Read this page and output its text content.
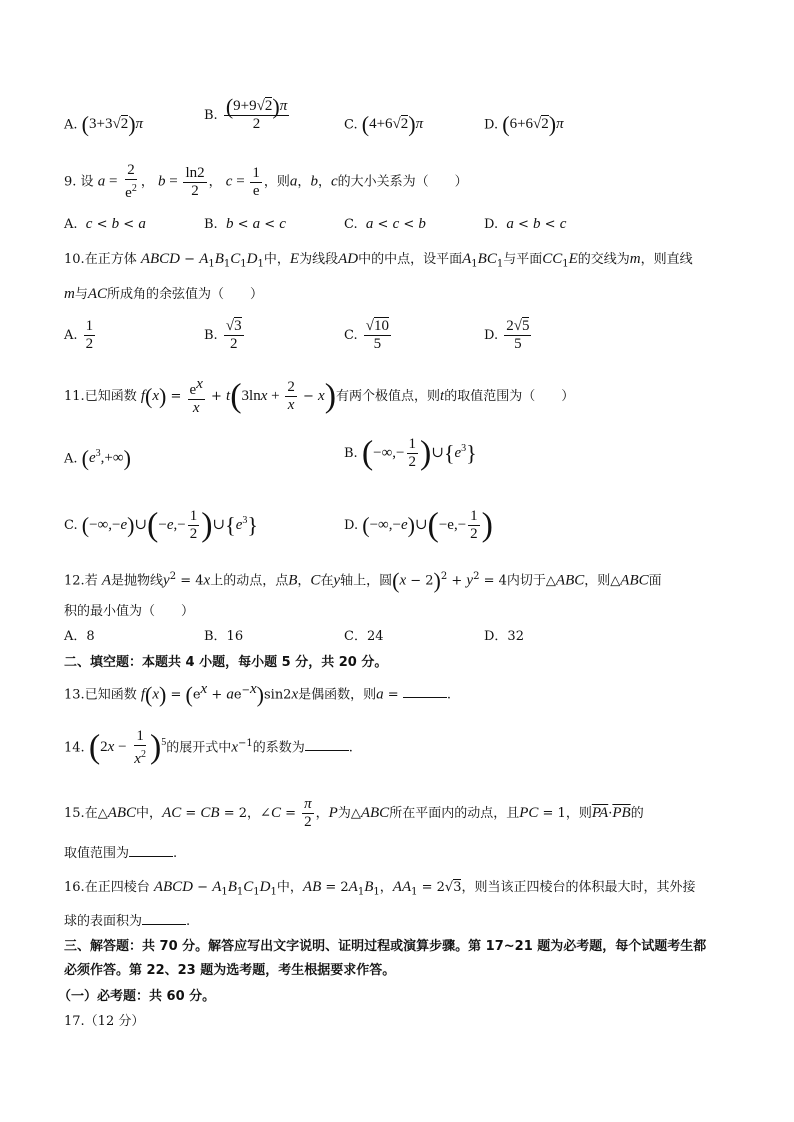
A. (3+3√2)π
B. $\frac{(9+9√2)\pi}{2}$	C. (4+6√2)π	D. (6+6√2)π
9. 设 $a = \frac{2}{e^2}$ ， $b = \frac{\ln 2}{2}$ ， $c = \frac{1}{e}$ ，则a，b，c的大小关系为（　　）
A. c < b < a	B. b < a < c	C. a < c < b	D. a < b < c
10.在正方体 ABCD − $A_1B_1C_1D_1$中，E为线段AD中的中点，设平面$A_1BC_1$与平面$CC_1E$的交线为m，则直线
m与AC所成角的余弦值为（　　）
A. $\frac{1}{2}$	B. $\frac{√3}{2}$	C. $\frac{√10}{5}$	D. $\frac{2√5}{5}$
11.已知函数 $f(x) = \frac{e^x}{x} + t(3\ln x + \frac{2}{x} - x)$有两个极值点，则t的取值范围为（　　）
A. $(e^3,+\infty)$	B. (−∞,− $\frac{1}{2}$ )$\cup\{e^3\}$
C. (−∞,−e)∪(−e,− $\frac{1}{2}$ )$\cup\{e^3\}$	D. (−∞,−e)∪(−e,− $\frac{1}{2}$ )
12.若 A是抛物线$y^2 = 4x$上的动点，点B，C在y轴上，圆$(x - 2)^2 + y^2 = 4$内切于△ABC，则△ABC面
积的最小值为（　　）
A．8	B．16	C．24	D．32
二、填空题：本题共 4 小题，每小题 5 分，共 20 分。
13.已知函数 $f(x) = (e^x + ae^{-x})\sin 2x$是偶函数，则a =	.
14. $(2x - \frac{1}{x^2} )^5$的展开式中$x^{-1}$的系数为	.
15.在△ABC中，AC = CB = 2，∠C = $\frac{\pi}{2}$ ，P为△ABC所在平面内的动点，且PC = 1，则$\overline{PA}\cdot\overline{PB}$的
取值范围为	.
16.在正四棱台 ABCD − $A_1B_1C_1D_1$中，AB = $2A_1B_1$，$AA_1 = 2√3$，则当该正四棱台的体积最大时，其外接
球的表面积为	.
三、解答题：共 70 分。解答应写出文字说明、证明过程或演算步骤。第 17~21 题为必考题，每个试题考生都
必须作答。第 22、23 题为选考题，考生根据要求作答。
（一）必考题：共 60 分。
17.（12 分）
